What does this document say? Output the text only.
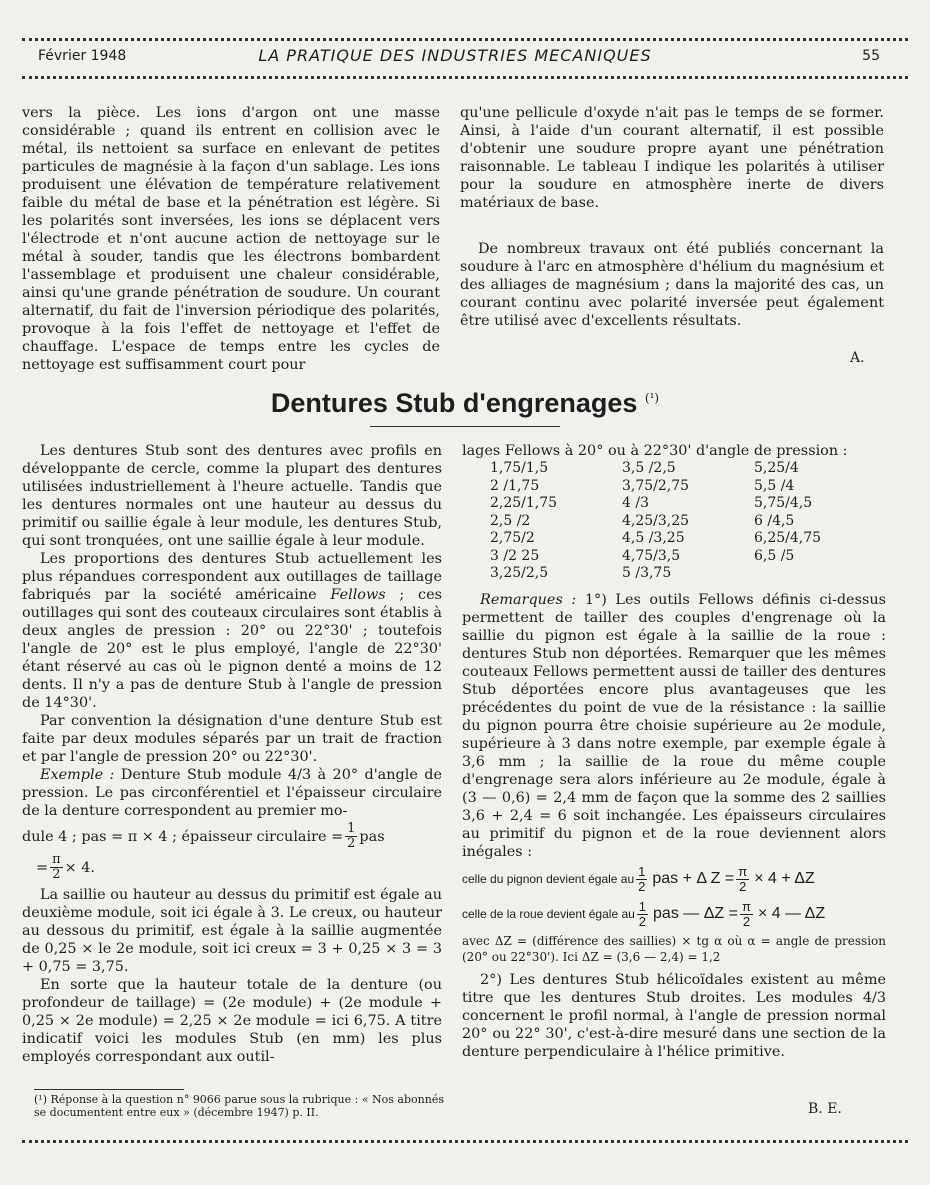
Février 1948	LA PRATIQUE DES INDUSTRIES MECANIQUES	55

vers la pièce. Les ions d'argon ont une masse considérable ; quand ils entrent en collision avec le métal, ils nettoient sa surface en enlevant de petites particules de magnésie à la façon d'un sablage. Les ions produisent une élévation de température relativement faible du métal de base et la pénétration est légère. Si les polarités sont inversées, les ions se déplacent vers l'électrode et n'ont aucune action de nettoyage sur le métal à souder, tandis que les électrons bombardent l'assemblage et produisent une chaleur considérable, ainsi qu'une grande pénétration de soudure. Un courant alternatif, du fait de l'inversion périodique des polarités, provoque à la fois l'effet de nettoyage et l'effet de chauffage. L'espace de temps entre les cycles de nettoyage est suffisamment court pour

qu'une pellicule d'oxyde n'ait pas le temps de se former. Ainsi, à l'aide d'un courant alternatif, il est possible d'obtenir une soudure propre ayant une pénétration raisonnable. Le tableau I indique les polarités à utiliser pour la soudure en atmosphère inerte de divers matériaux de base.

De nombreux travaux ont été publiés concernant la soudure à l'arc en atmosphère d'hélium du magnésium et des alliages de magnésium ; dans la majorité des cas, un courant continu avec polarité inversée peut également être utilisé avec d'excellents résultats.

A.
Dentures Stub d'engrenages $^{(^1)}$

Les dentures Stub sont des dentures avec profils en développante de cercle, comme la plupart des dentures utilisées industriellement à l'heure actuelle. Tandis que les dentures normales ont une hauteur au dessus du primitif ou saillie égale à leur module, les dentures Stub, qui sont tronquées, ont une saillie égale à leur module.

Les proportions des dentures Stub actuellement les plus répandues correspondent aux outillages de taillage fabriqués par la société américaine Fellows ; ces outillages qui sont des couteaux circulaires sont établis à deux angles de pression : 20° ou 22°30' ; toutefois l'angle de 20° est le plus employé, l'angle de 22°30' étant réservé au cas où le pignon denté a moins de 12 dents. Il n'y a pas de denture Stub à l'angle de pression de 14°30'.

Par convention la désignation d'une denture Stub est faite par deux modules séparés par un trait de fraction et par l'angle de pression 20° ou 22°30'.

Exemple : Denture Stub module 4/3 à 20° d'angle de pression. Le pas circonférentiel et l'épaisseur circulaire de la denture correspondent au premier mo-

dule 4 ; pas = π × 4 ; épaisseur circulaire = $\frac{1}{2}$ pas

= $\frac{\pi}{2} \times 4$.

La saillie ou hauteur au dessus du primitif est égale au deuxième module, soit ici égale à 3. Le creux, ou hauteur au dessous du primitif, est égale à la saillie augmentée de 0,25 × le 2e module, soit ici creux = 3 + 0,25 × 3 = 3 + 0,75 = 3,75.

En sorte que la hauteur totale de la denture (ou profondeur de taillage) = (2e module) + (2e module + 0,25 × 2e module) = 2,25 × 2e module = ici 6,75. A titre indicatif voici les modules Stub (en mm) les plus employés correspondant aux outil-

(¹) Réponse à la question n° 9066 parue sous la rubrique : « Nos abonnés se documentent entre eux » (décembre 1947) p. II.

lages Fellows à 20° ou à 22°30' d'angle de pression :

1,75/1,5	3,5 /2,5	5,25/4
2 /1,75	3,75/2,75	5,5 /4
2,25/1,75	4 /3	5,75/4,5
2,5 /2	4,25/3,25	6 /4,5
2,75/2	4,5 /3,25	6,25/4,75
3 /2 25	4,75/3,5	6,5 /5
3,25/2,5	5 /3,75	

Remarques : 1°) Les outils Fellows définis ci-dessus permettent de tailler des couples d'engrenage où la saillie du pignon est égale à la saillie de la roue : dentures Stub non déportées. Remarquer que les mêmes couteaux Fellows permettent aussi de tailler des dentures Stub déportées encore plus avantageuses que les précédentes du point de vue de la résistance : la saillie du pignon pourra être choisie supérieure au 2e module, supérieure à 3 dans notre exemple, par exemple égale à 3,6 mm ; la saillie de la roue du même couple d'engrenage sera alors inférieure au 2e module, égale à (3 — 0,6) = 2,4 mm de façon que la somme des 2 saillies 3,6 + 2,4 = 6 soit inchangée. Les épaisseurs circulaires au primitif du pignon et de la roue deviennent alors inégales :

celle du pignon devient égale au $\frac{1}{2}$ pas + Δ $Z = \frac{\pi}{2} \times 4 + \Delta Z$
celle de la roue devient égale au $\frac{1}{2}$ pas — $\Delta Z = \frac{\pi}{2} \times 4$ — ΔZ

avec ΔZ = (différence des saillies) × tg α où α = angle de pression (20° ou 22°30'). Ici ΔZ = (3,6 — 2,4) = 1,2

2°) Les dentures Stub hélicoïdales existent au même titre que les dentures Stub droites. Les modules 4/3 concernent le profil normal, à l'angle de pression normal 20° ou 22° 30', c'est-à-dire mesuré dans une section de la denture perpendiculaire à l'hélice primitive.

B. E.
